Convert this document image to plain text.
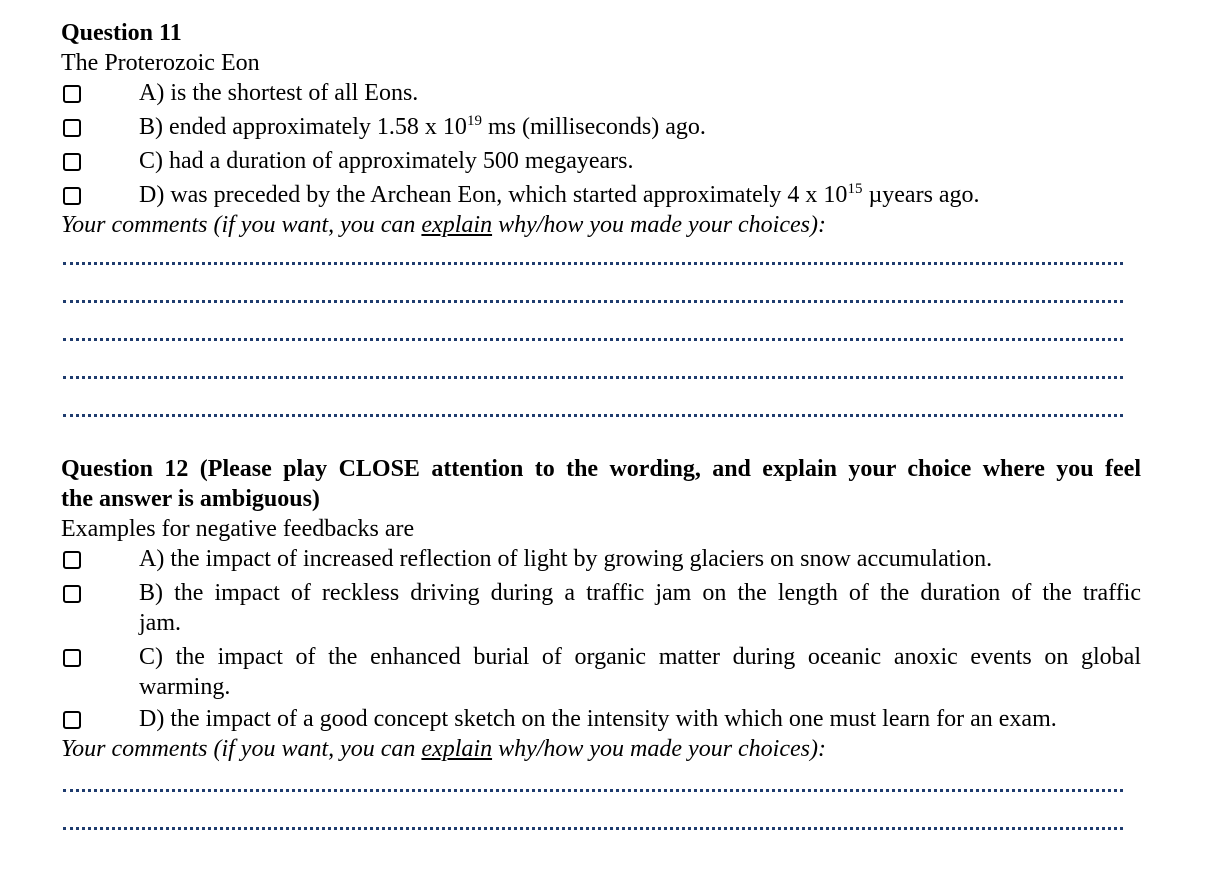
Question 11
The Proterozoic Eon
A) is the shortest of all Eons.
B) ended approximately 1.58 x $10^{19}$ ms (milliseconds) ago.
C) had a duration of approximately 500 megayears.
D) was preceded by the Archean Eon, which started approximately 4 x $10^{15}$ µyears ago.
Your comments (if you want, you can explain why/how you made your choices):
Question 12 (Please play CLOSE attention to the wording, and explain your choice where you feel
the answer is ambiguous)
Examples for negative feedbacks are
A) the impact of increased reflection of light by growing glaciers on snow accumulation.
B) the impact of reckless driving during a traffic jam on the length of the duration of the traffic
jam.
C) the impact of the enhanced burial of organic matter during oceanic anoxic events on global
warming.
D) the impact of a good concept sketch on the intensity with which one must learn for an exam.
Your comments (if you want, you can explain why/how you made your choices):
